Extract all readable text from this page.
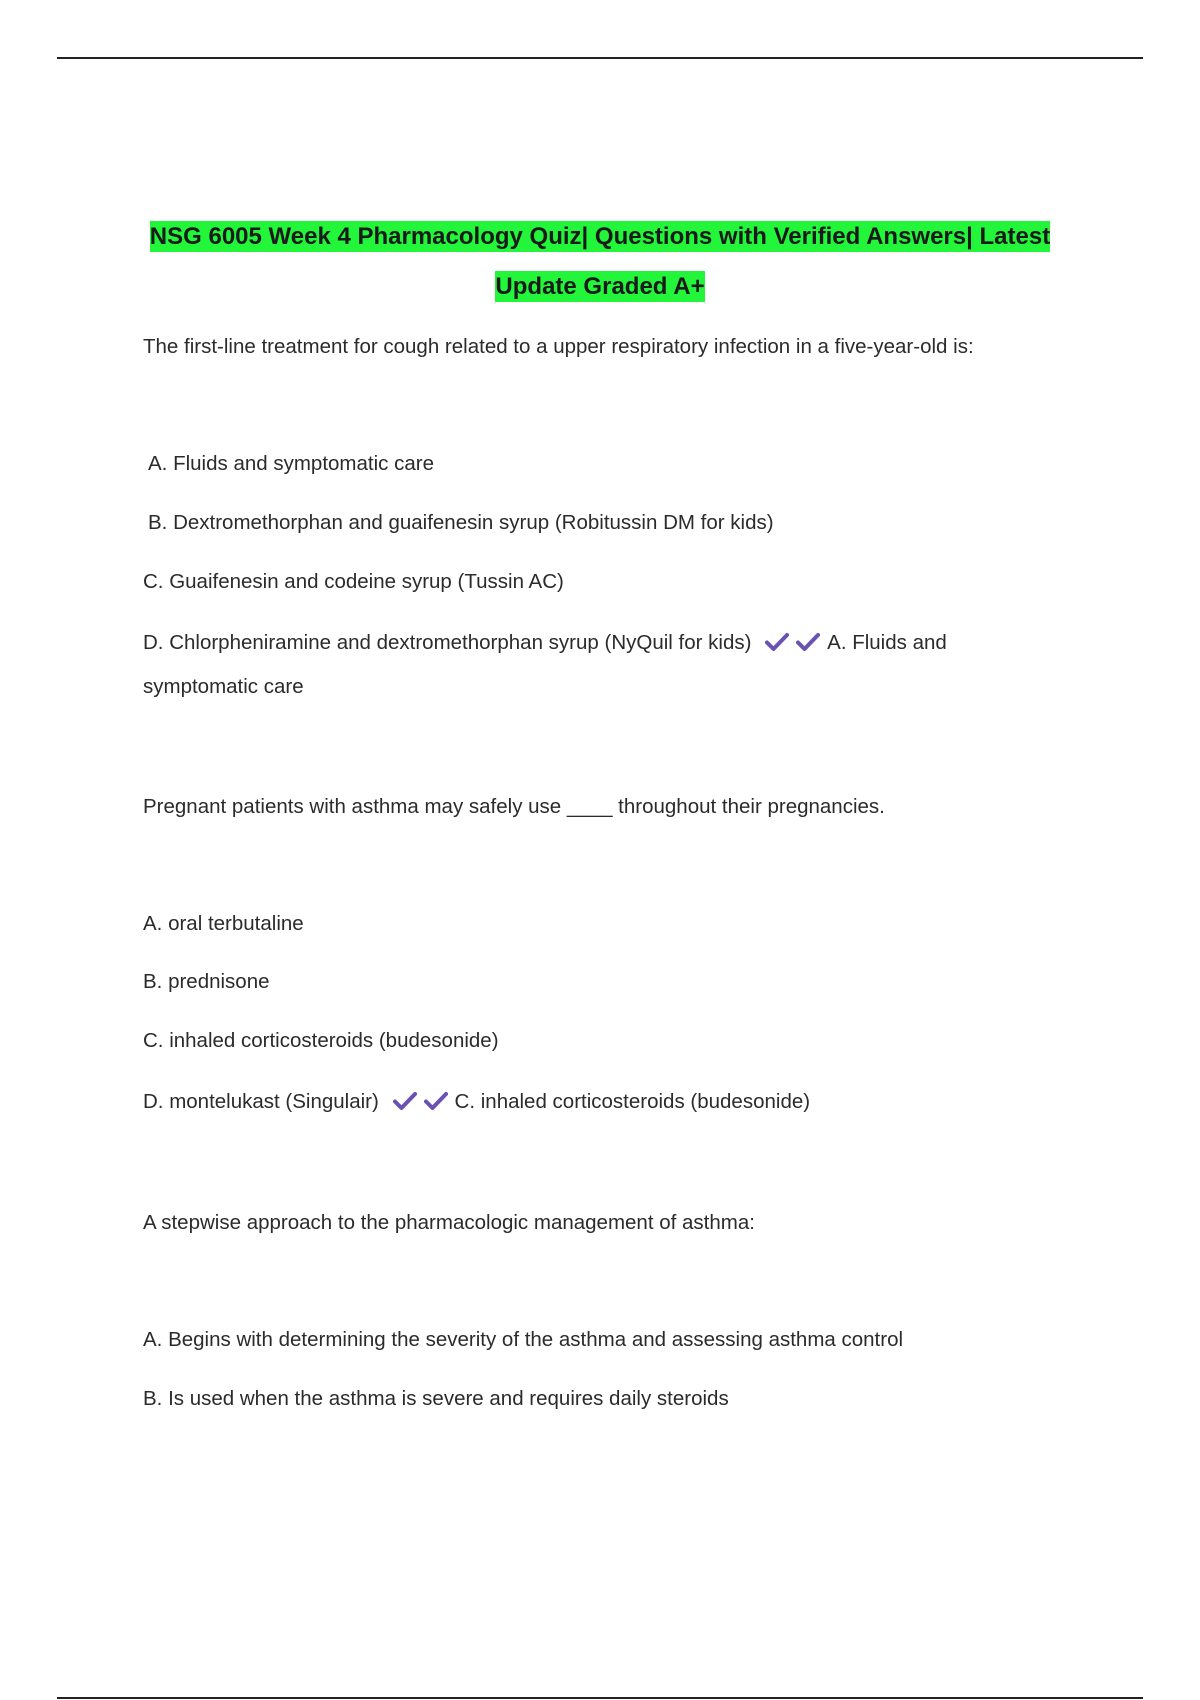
NSG 6005 Week 4 Pharmacology Quiz| Questions with Verified Answers| Latest Update Graded A+
The first-line treatment for cough related to a upper respiratory infection in a five-year-old is:
A. Fluids and symptomatic care
B. Dextromethorphan and guaifenesin syrup (Robitussin DM for kids)
C. Guaifenesin and codeine syrup (Tussin AC)
D. Chlorpheniramine and dextromethorphan syrup (NyQuil for kids)	A. Fluids and symptomatic care
Pregnant patients with asthma may safely use ____ throughout their pregnancies.
A. oral terbutaline
B. prednisone
C. inhaled corticosteroids (budesonide)
D. montelukast (Singulair)	C. inhaled corticosteroids (budesonide)
A stepwise approach to the pharmacologic management of asthma:
A. Begins with determining the severity of the asthma and assessing asthma control
B. Is used when the asthma is severe and requires daily steroids
